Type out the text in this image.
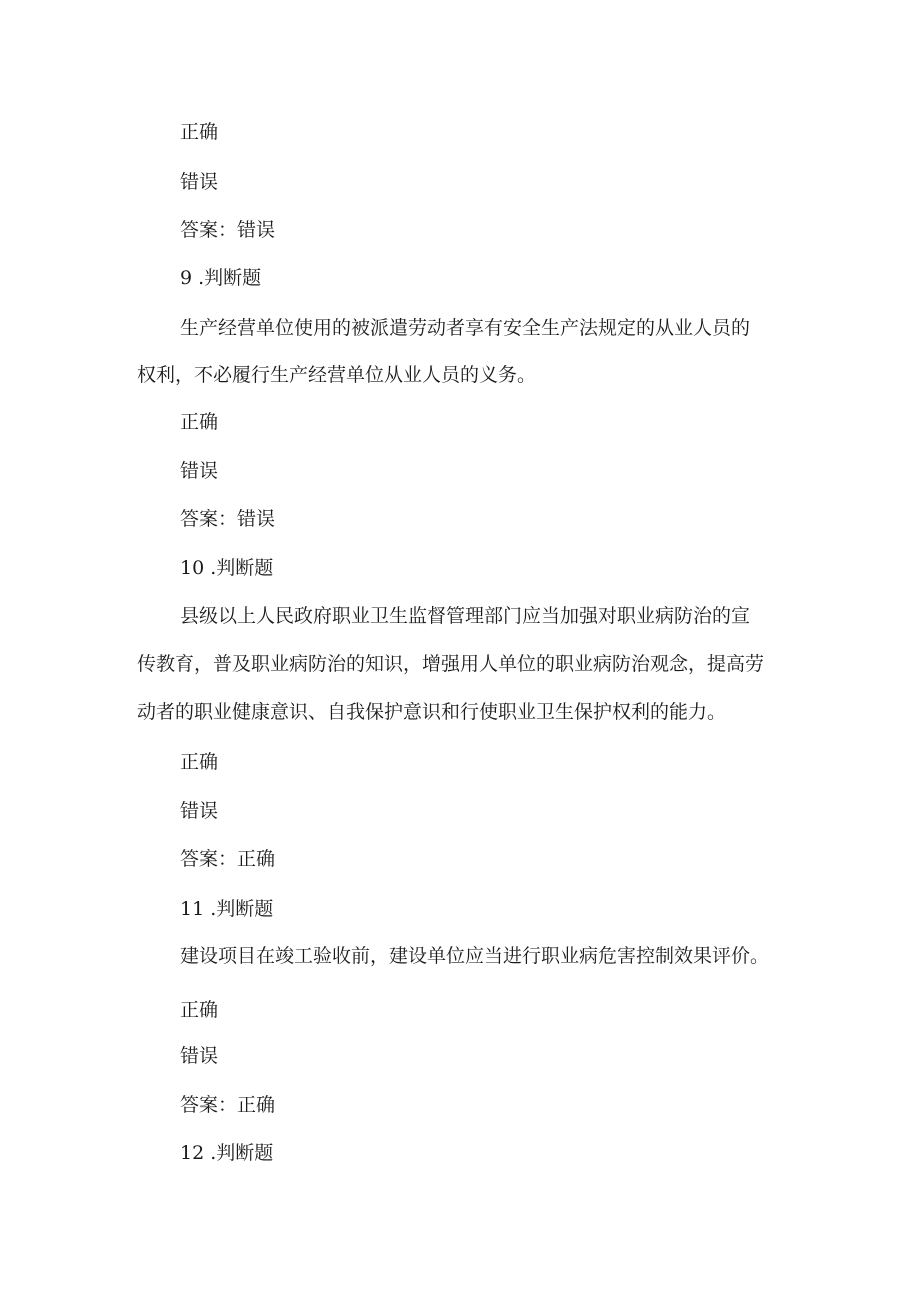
正确

错误

答案：错误

9 .判断题

生产经营单位使用的被派遣劳动者享有安全生产法规定的从业人员的

权利，不必履行生产经营单位从业人员的义务。

正确

错误

答案：错误

10 .判断题

县级以上人民政府职业卫生监督管理部门应当加强对职业病防治的宣

传教育，普及职业病防治的知识，增强用人单位的职业病防治观念，提高劳

动者的职业健康意识、自我保护意识和行使职业卫生保护权利的能力。

正确

错误

答案：正确

11 .判断题

建设项目在竣工验收前，建设单位应当进行职业病危害控制效果评价。

正确

错误

答案：正确

12 .判断题
